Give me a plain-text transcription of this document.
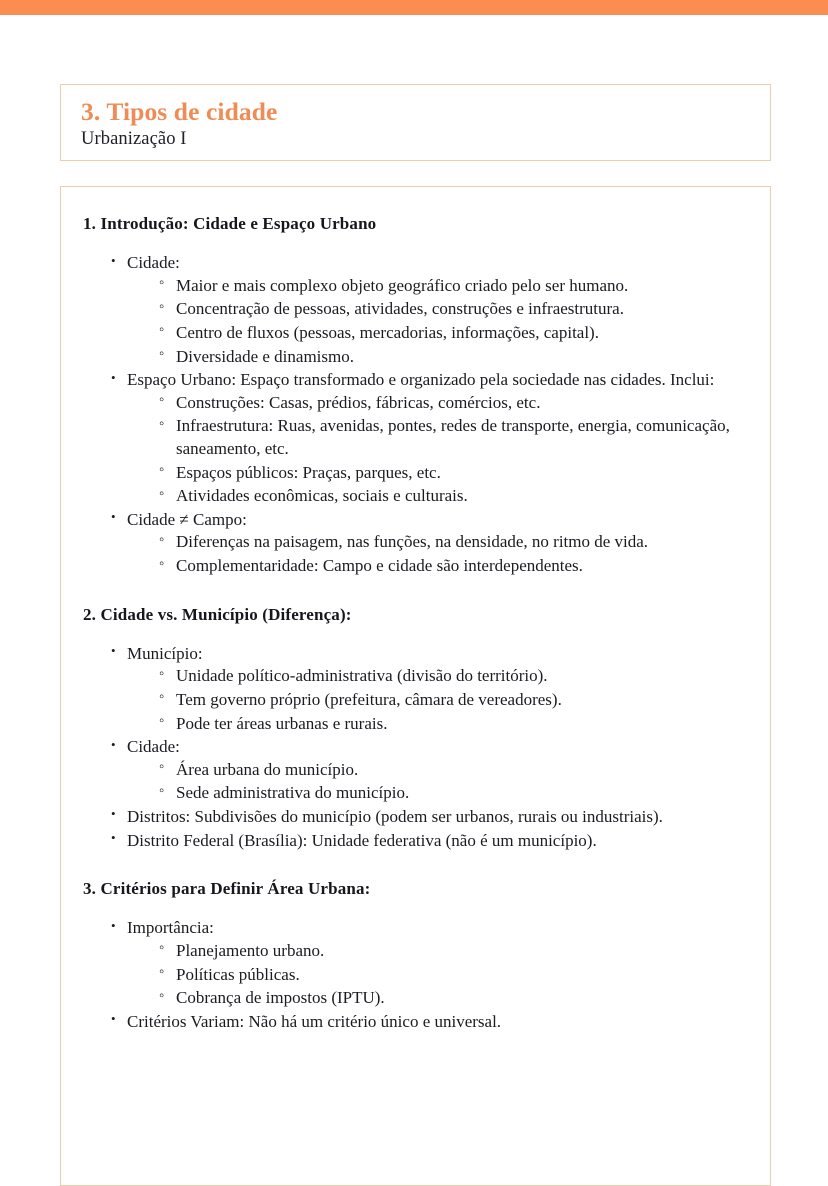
3. Tipos de cidade
Urbanização I
1. Introdução: Cidade e Espaço Urbano
• Cidade:
◦ Maior e mais complexo objeto geográfico criado pelo ser humano.
◦ Concentração de pessoas, atividades, construções e infraestrutura.
◦ Centro de fluxos (pessoas, mercadorias, informações, capital).
◦ Diversidade e dinamismo.
• Espaço Urbano: Espaço transformado e organizado pela sociedade nas cidades. Inclui:
◦ Construções: Casas, prédios, fábricas, comércios, etc.
◦ Infraestrutura: Ruas, avenidas, pontes, redes de transporte, energia, comunicação, saneamento, etc.
◦ Espaços públicos: Praças, parques, etc.
◦ Atividades econômicas, sociais e culturais.
• Cidade ≠ Campo:
◦ Diferenças na paisagem, nas funções, na densidade, no ritmo de vida.
◦ Complementaridade: Campo e cidade são interdependentes.
2. Cidade vs. Município (Diferença):
• Município:
◦ Unidade político-administrativa (divisão do território).
◦ Tem governo próprio (prefeitura, câmara de vereadores).
◦ Pode ter áreas urbanas e rurais.
• Cidade:
◦ Área urbana do município.
◦ Sede administrativa do município.
• Distritos: Subdivisões do município (podem ser urbanos, rurais ou industriais).
• Distrito Federal (Brasília): Unidade federativa (não é um município).
3. Critérios para Definir Área Urbana:
• Importância:
◦ Planejamento urbano.
◦ Políticas públicas.
◦ Cobrança de impostos (IPTU).
• Critérios Variam: Não há um critério único e universal.
